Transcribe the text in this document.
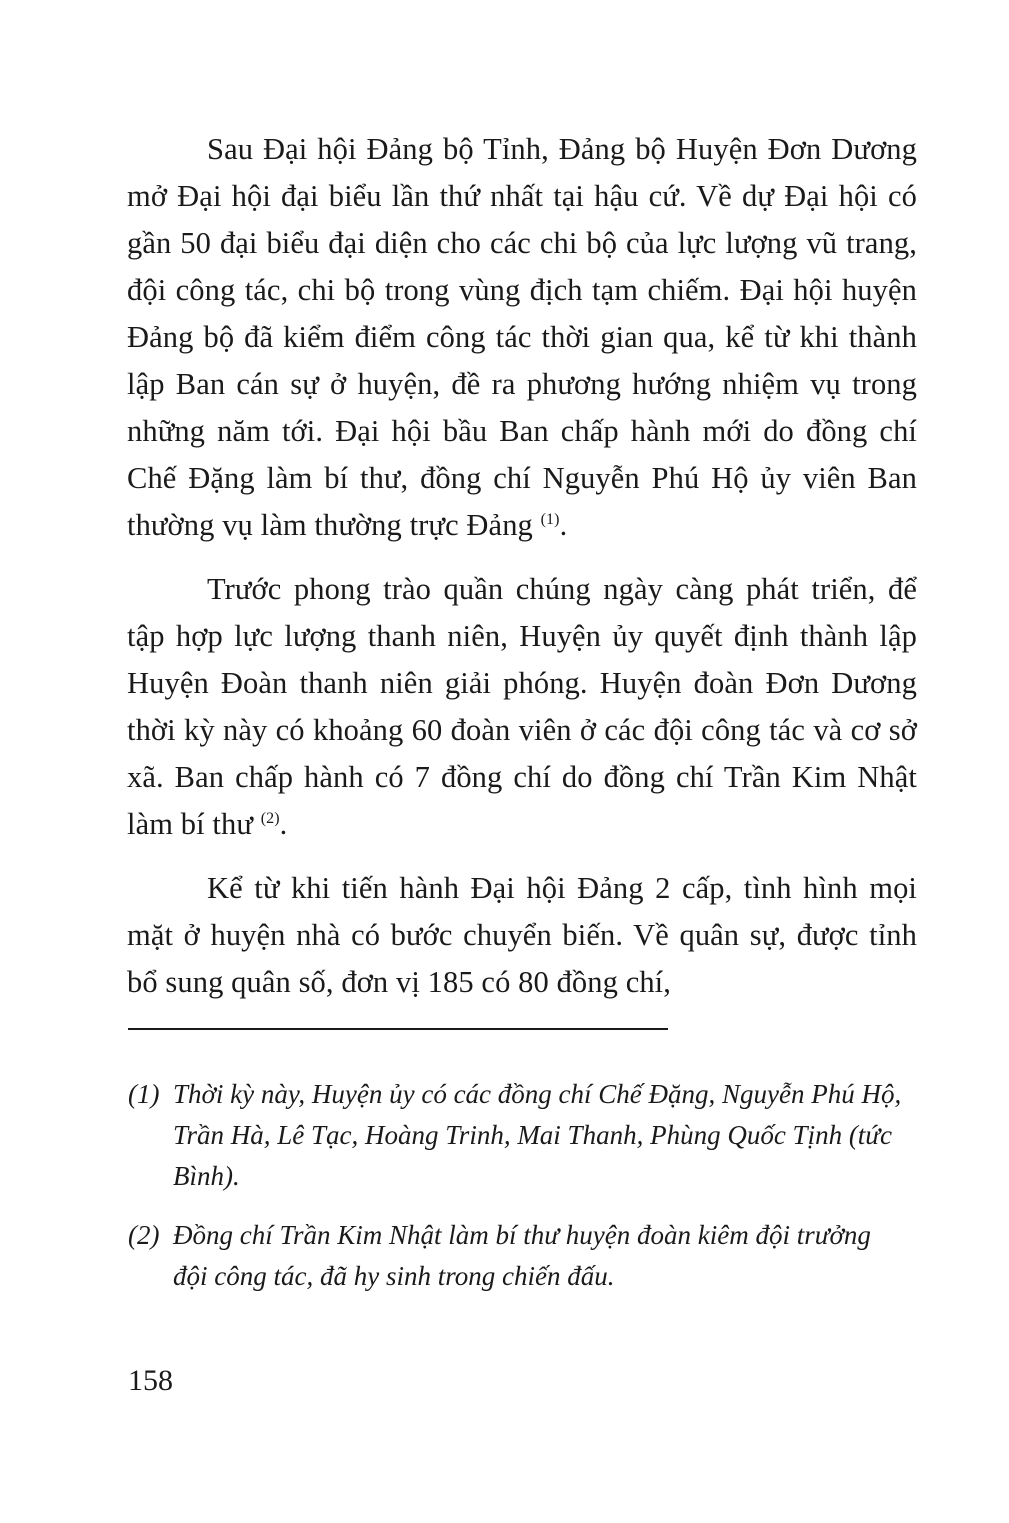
Sau Đại hội Đảng bộ Tỉnh, Đảng bộ Huyện Đơn Dương mở Đại hội đại biểu lần thứ nhất tại hậu cứ. Về dự Đại hội có gần 50 đại biểu đại diện cho các chi bộ của lực lượng vũ trang, đội công tác, chi bộ trong vùng địch tạm chiếm. Đại hội huyện Đảng bộ đã kiểm điểm công tác thời gian qua, kể từ khi thành lập Ban cán sự ở huyện, đề ra phương hướng nhiệm vụ trong những năm tới. Đại hội bầu Ban chấp hành mới do đồng chí Chế Đặng làm bí thư, đồng chí Nguyễn Phú Hộ ủy viên Ban thường vụ làm thường trực Đảng $^{(1)}$.

Trước phong trào quần chúng ngày càng phát triển, để tập hợp lực lượng thanh niên, Huyện ủy quyết định thành lập Huyện Đoàn thanh niên giải phóng. Huyện đoàn Đơn Dương thời kỳ này có khoảng 60 đoàn viên ở các đội công tác và cơ sở xã. Ban chấp hành có 7 đồng chí do đồng chí Trần Kim Nhật làm bí thư $^{(2)}$.

Kể từ khi tiến hành Đại hội Đảng 2 cấp, tình hình mọi mặt ở huyện nhà có bước chuyển biến. Về quân sự, được tỉnh bổ sung quân số, đơn vị 185 có 80 đồng chí,

(1) Thời kỳ này, Huyện ủy có các đồng chí Chế Đặng, Nguyễn Phú Hộ, Trần Hà, Lê Tạc, Hoàng Trinh, Mai Thanh, Phùng Quốc Tịnh (tức Bình).

(2) Đồng chí Trần Kim Nhật làm bí thư huyện đoàn kiêm đội trưởng đội công tác, đã hy sinh trong chiến đấu.

158
